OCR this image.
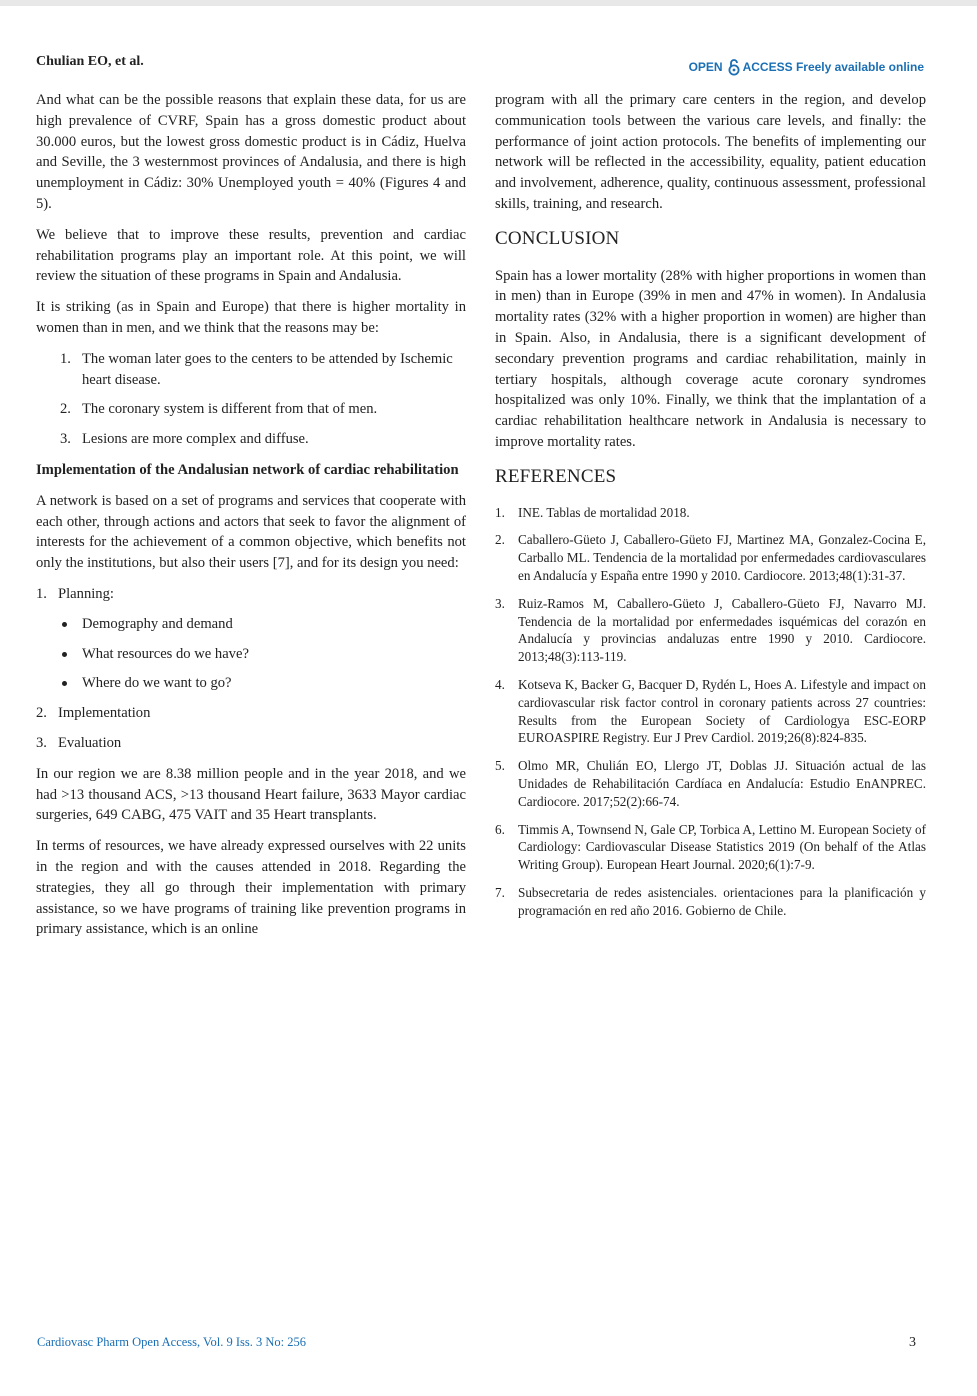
Chulian EO, et al.	OPEN ACCESS Freely available online

And what can be the possible reasons that explain these data, for us are high prevalence of CVRF, Spain has a gross domestic product about 30.000 euros, but the lowest gross domestic product is in Cádiz, Huelva and Seville, the 3 westernmost provinces of Andalusia, and there is high unemployment in Cádiz: 30% Unemployed youth = 40% (Figures 4 and 5).

We believe that to improve these results, prevention and cardiac rehabilitation programs play an important role. At this point, we will review the situation of these programs in Spain and Andalusia.

It is striking (as in Spain and Europe) that there is higher mortality in women than in men, and we think that the reasons may be:

1. The woman later goes to the centers to be attended by Ischemic heart disease.
2. The coronary system is different from that of men.
3. Lesions are more complex and diffuse.
Implementation of the Andalusian network of cardiac rehabilitation

A network is based on a set of programs and services that cooperate with each other, through actions and actors that seek to favor the alignment of interests for the achievement of a common objective, which benefits not only the institutions, but also their users [7], and for its design you need:

1. Planning:
Demography and demand
What resources do we have?
Where do we want to go?
2. Implementation
3. Evaluation

In our region we are 8.38 million people and in the year 2018, and we had >13 thousand ACS, >13 thousand Heart failure, 3633 Mayor cardiac surgeries, 649 CABG, 475 VAIT and 35 Heart transplants.

In terms of resources, we have already expressed ourselves with 22 units in the region and with the causes attended in 2018. Regarding the strategies, they all go through their implementation with primary assistance, so we have programs of training like prevention programs in primary assistance, which is an online

program with all the primary care centers in the region, and develop communication tools between the various care levels, and finally: the performance of joint action protocols. The benefits of implementing our network will be reflected in the accessibility, equality, patient education and involvement, adherence, quality, continuous assessment, professional skills, training, and research.

CONCLUSION

Spain has a lower mortality (28% with higher proportions in women than in men) than in Europe (39% in men and 47% in women). In Andalusia mortality rates (32% with a higher proportion in women) are higher than in Spain. Also, in Andalusia, there is a significant development of secondary prevention programs and cardiac rehabilitation, mainly in tertiary hospitals, although coverage acute coronary syndromes hospitalized was only 10%. Finally, we think that the implantation of a cardiac rehabilitation healthcare network in Andalusia is necessary to improve mortality rates.

REFERENCES
1. INE. Tablas de mortalidad 2018.
2. Caballero-Güeto J, Caballero-Güeto FJ, Martinez MA, Gonzalez-Cocina E, Carballo ML. Tendencia de la mortalidad por enfermedades cardiovasculares en Andalucía y España entre 1990 y 2010. Cardiocore. 2013;48(1):31-37.
3. Ruiz-Ramos M, Caballero-Güeto J, Caballero-Güeto FJ, Navarro MJ. Tendencia de la mortalidad por enfermedades isquémicas del corazón en Andalucía y provincias andaluzas entre 1990 y 2010. Cardiocore. 2013;48(3):113-119.
4. Kotseva K, Backer G, Bacquer D, Rydén L, Hoes A. Lifestyle and impact on cardiovascular risk factor control in coronary patients across 27 countries: Results from the European Society of Cardiologya ESC-EORP EUROASPIRE Registry. Eur J Prev Cardiol. 2019;26(8):824-835.
5. Olmo MR, Chulián EO, Llergo JT, Doblas JJ. Situación actual de las Unidades de Rehabilitación Cardíaca en Andalucía: Estudio EnANPREC. Cardiocore. 2017;52(2):66-74.
6. Timmis A, Townsend N, Gale CP, Torbica A, Lettino M. European Society of Cardiology: Cardiovascular Disease Statistics 2019 (On behalf of the Atlas Writing Group). European Heart Journal. 2020;6(1):7-9.
7. Subsecretaria de redes asistenciales. orientaciones para la planificación y programación en red año 2016. Gobierno de Chile.
Cardiovasc Pharm Open Access, Vol. 9 Iss. 3 No: 256	3
